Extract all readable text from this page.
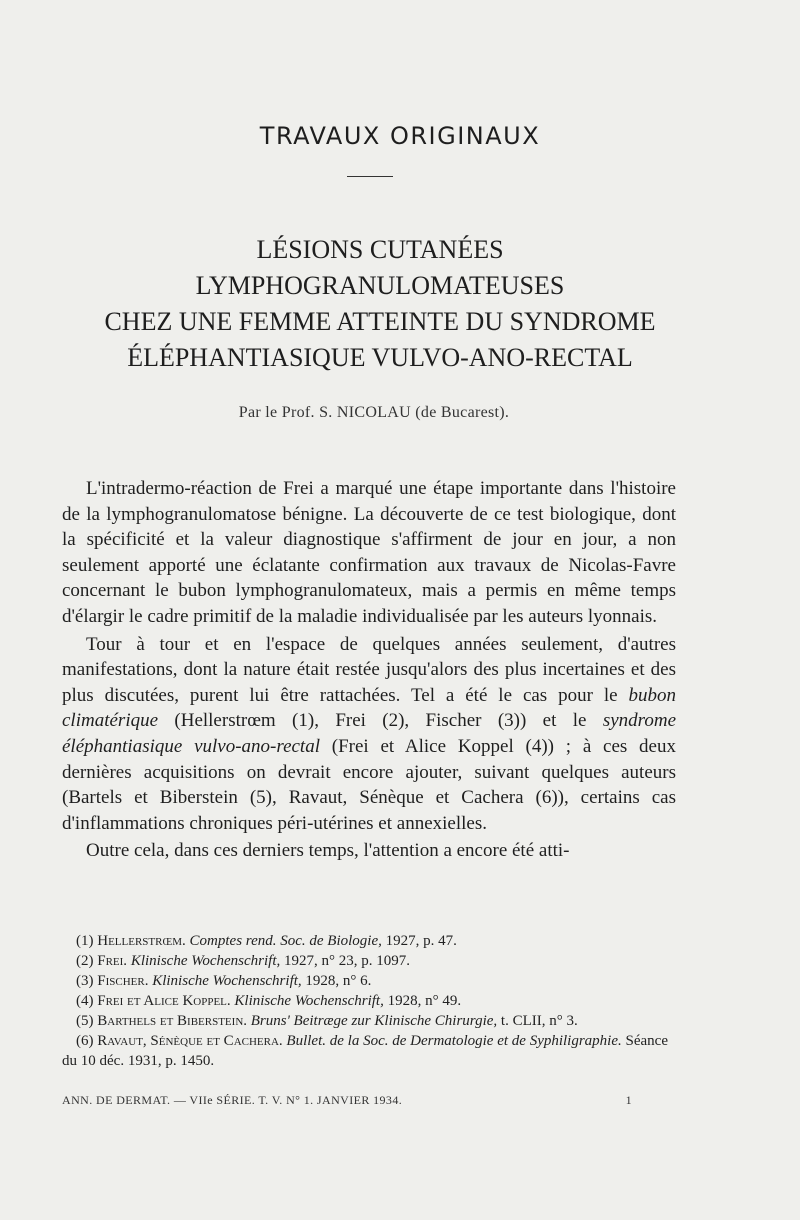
TRAVAUX ORIGINAUX
LÉSIONS CUTANÉES
LYMPHOGRANULOMATEUSES
CHEZ UNE FEMME ATTEINTE DU SYNDROME
ÉLÉPHANTIASIQUE VULVO-ANO-RECTAL
Par le Prof. S. NICOLAU (de Bucarest).

L'intradermo-réaction de Frei a marqué une étape importante dans l'histoire de la lymphogranulomatose bénigne. La découverte de ce test biologique, dont la spécificité et la valeur diagnostique s'affirment de jour en jour, a non seulement apporté une éclatante confirmation aux travaux de Nicolas-Favre concernant le bubon lymphogranulomateux, mais a permis en même temps d'élargir le cadre primitif de la maladie individualisée par les auteurs lyonnais.

Tour à tour et en l'espace de quelques années seulement, d'autres manifestations, dont la nature était restée jusqu'alors des plus incertaines et des plus discutées, purent lui être rattachées. Tel a été le cas pour le bubon climatérique (Hellerstrœm (1), Frei (2), Fischer (3)) et le syndrome éléphantiasique vulvo-ano-rectal (Frei et Alice Koppel (4)) ; à ces deux dernières acquisitions on devrait encore ajouter, suivant quelques auteurs (Bartels et Biberstein (5), Ravaut, Sénèque et Cachera (6)), certains cas d'inflammations chroniques péri-utérines et annexielles.

Outre cela, dans ces derniers temps, l'attention a encore été atti-

(1) Hellerstrœm. Comptes rend. Soc. de Biologie, 1927, p. 47.

(2) Frei. Klinische Wochenschrift, 1927, n° 23, p. 1097.

(3) Fischer. Klinische Wochenschrift, 1928, n° 6.

(4) Frei et Alice Koppel. Klinische Wochenschrift, 1928, n° 49.

(5) Barthels et Biberstein. Bruns' Beitræge zur Klinische Chirurgie, t. CLII, n° 3.

(6) Ravaut, Sénèque et Cachera. Bullet. de la Soc. de Dermatologie et de Syphiligraphie. Séance du 10 déc. 1931, p. 1450.

ANN. DE DERMAT. — VIIe SÉRIE. T. V. N° 1. JANVIER 1934.	1
